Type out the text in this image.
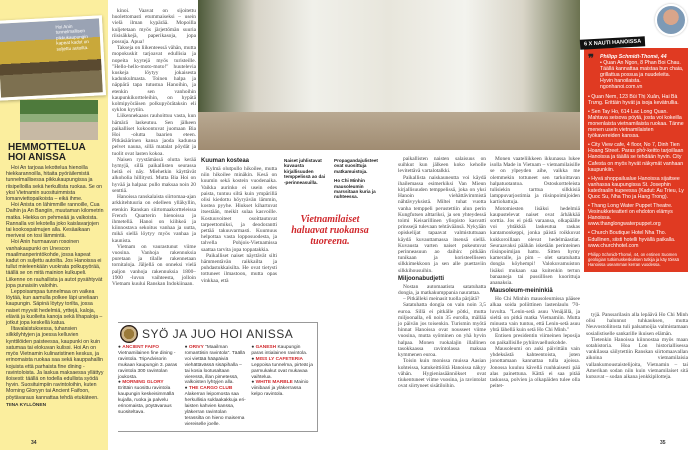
Hoi Anin tunnelmallisen pikkukaupungin kapeat kadut on suljettu autoilta.
HEMMOTTELUA HOI ANISSA

Hoi An tarjoaa lekottelua hienoilla hiekkarannoilla, hitaita pyöräilemistä tunnelmallisessa pikkukaupungissa ja riisipelloilla sekä herkullista ruokaa. Se on yksi Vietnamin suosituimmista lomanviettopaikoista – eikä ihme.

Hoi Anista on lähimmille rannoille, Cua Daihin ja An Bangiin, muutaman kilometrin matka. Hiekka on pehmeää ja valkoista. Rannalla voi lekotella joko kaislavarjojen tai kookospalmujen alla. Kesäaikaan merivesi on tosi lämmintä.

Hoi Anin hurmaavan rosoinen vanhakaupunki on Unescon maailmanperintökohde, jossa kapeat kadut on suljettu autoilta. Jos Hanoissa ei tullut mieleenkään vuokrata polkupyörää, täällä se on mitä mainion kulkupeli. Liikenne on rauhallista ja autot pysähtyvät jopa punaisiin valoihin.

Leppoisampaa tunnelmaa on vaikea löytää, kun aamulla polkee läpi uneliaan kaupungin. Säpinä löytyy torilta, jossa naiset myyvät hedelmiä, yrttejä, kaloja, eläviä ja kuolleita kanoja sekä lihapaloja – jotkut jopa keskellä katua.

Iltavalaistuksessa, tuhansien silkkilyhtyjen ja joessa kelluvien kynttilöiden paisteessa, kaupunki on kuin satumaa tai elokuvan kulissi. Hoi An on myös Vietnamin kulinaristinen keskus, ja erinomaista ruokaa saa sekä kauppahallin kojuista että parhaista fine dining -ravintoloista. Ja laskua maksaessa yllättyy iloisesti: täällä on todella edullista syödä hyvin. Suosituimpiin ravintoloihin, kuten Morning Gloryyn tai Ancient Faifoon, pöytävaraus kannattaa tehdä etukäteen.

TIINA KYLLÖNEN
34

kinoi. Vaavat on sijoitettu huolettomasti etummaiseksi – usein vielä ilman kypärää. Mopoilla kuljetetaan myös järjettömän suuria riisisäkkejä, paperikasoja, jopa possuja. Apua!

Takseja on liikenteessä vähän, mutta mopokuskit tarjoavat edullisia ja nopeita kyytejä myös turisteille. "Hello-hello-moto-moto!" huutelevia kuskeja löytyy jokaisesta kadunkulmasta. Toinen halpa ja näppärä tapa tutustua Hanoihin, ja etenkin sen vanhoihin kaupunkikortteleihin, on hypätä kolmipyöräisen polkupyörätaksin eli syklon kyytiin.

Liikennekaaos rauhoittuu vasta, kun hämärä laskeutuu. Sen jälkeen paikalliset kokoontuvat juomaan Bia Hoi -olutta baarien eteen. Pitkäsäärinen kansa jaoda kadunsa pelvet nauna, sillä matalat pöydät ja tuolit ovat lasten kokoa.

Naisen ryystämässä olutta kerää hymyjä, sillä paikallisten seurassa heitä ei näy. Miehetkin käyttävät alkoholia hillitysti. Mutta Bia Hoi on hyvää ja halpaa: pullo maksaa noin 20 senttiä.

Hanoissa ranskalaista siirtomaa-ajan arkkitehtuuria on edelleen ylläkyllin, etenkin Ranskan siirtomaakortteleissa French Quarterin hienoissa ja ihmetellä. Hanoi on kiihkeä ja kiinnostava sekoitus vanhaa ja uutta, mikä siellä löytyy myös vanhaa ja kaunista.

Vietnam on vaurastunut viime vuosina. Vanhoja rakennuksia puretaan ja tilalle rakennetaan tornitaloja. Jäljellä on onneksi vielä paljon vanhoja rakennuksia 1800–1900 -luvun vaihteesta, jolloin Vietnam kuului Ranskan Indokiinaan.

Kuuman kosteaa

Kylmä olutpullo hikoilee, mutta niin hikoilee minäkin. Kesä on kuumin sekä kostein vuodenaika. Vaikka aurinko ei usein edes paista, tuntuu siltä kuin ympärillä olisi kiedottu höyryävän lämmin, kostea pyyhe. Hiukset kihartuvat itsestään, meikit sulaa kasvoille. Kostuuvoiteet osoittautuvat tarpeettomiksi, ja deodorantti pettää takuuvarmasti. Kuumuus helpottaa vasta lopposuodesta, ja talvella Pohjois-Vietnamissa saattaa tarvita jopa toppatakkia.

Paikalliset naiset näyttävät silti hämmentävän raikkailta ja puhdastukkaisilta. He ovat tietysti tottuneet ilmastoon, mutta opas vinkkaa, että

Naiset juhlistavat kuvausta kirjallisuuden temppelissä ao dai -perinneasuilla.
Propagandajulisteet ovat suosittuja matkamuistoja.
Ho Chi Minhin mausoleumin marssitaan kuria ja nuhteessa.
Vietnamilaiset haluavat ruokansa tuoreena.
SYÖ JA JUO HOI ANISSA

● ANCIENT FAIFO Vietnamilainen fine dining -ravintola. TripAdvisorin mukaan kaupungin 3. paras ravintola 300 ravintolan joukosta.

● MORNING GLORY Erittäin suosittu ravintola kaupungin keskeisimmällä kujalla, ruoka ja palvelu erinomaista, pöytävaraus suositeltava.

● ORIVY "Maailman romanttisin ravintola". Täällä voi viettää hääpäiviä viehättävässä sisäpihalla – tai kosia lootusaltaan vieressä, illan pimetessä, valkoisten lyhtyjen alla.

● THE CARGO CLUB Alakerran leipomosta saa herkullisia suklaakakkuja eri-laisten kahvien kanssa, yläkerran ravintolan terassilta on hieno maisema viereiselle joelle.

● GANESH Kaupungin paras intialainen ravintola.

● MISS LY CAFETERIA Leppoisa tunnelma, pirteät ja parmukakut ovat mukavaa vaihtelua.

● WHITE MARBLE Mainio viinibaari ja yläkerrassa kelpo ravintola.

paikallisten naisten salaisuus on suihkut kun jälkeen koko keholle levitettävä vartalotalkki.

Paikallista naiskauneutta voi käydä ihailemassa esimerkiksi Van Mieun kirjallisuuden temppelissä, joka on yksi Hanoin viehättävimmistä nähtävyyksistä. Miltei tuhat vuotta vanha temppeli perustettiin alun perin Kungfutsen alttariksi, ja sen yhteydessä toimi Keisarillinen yliopisto kasvatti prinssejä tulevaan tehtäväänsä. Nykyään opiskelijat tapaavat valmistuttuaan käydä kuvauttamassa itsensä siellä. Kuvausta varten naiset pukeutuvat perinneasuun ao daihin: pitkään tunikaan ja koristeelliseen silkkimekkoon ja sen alle puettaviin silkkihousuihin.

Miljoonabudjetti

Nostan automaatista satatuhatta dongia, ja matkakumppania naurattaa.

– Pitkälleki meinasit tuolla pärjätä?

Satatuhatta dongia on vain noin 3,5 euroa. Sillä ei pitkälle pötki, mutta miljoonalla, eli noin 35 eurolla, mällää jo päivän jos toisenkin. Turismin myötä hinnat Hanoissa ovat nousseet viime vuosina, mutta syöminen on yhä hyvin halpaa. Monen ruokalajin illallinen tasokkaassa ravintolassa maksaa kymmenen euroa.

Toisin kuin monissa muissa Aasian kohteissa, katukeittiöitä Hanoissa näkyy vähän. Hygieniasäännökset ovat tiukentuneet viime vuosina, ja ravintolat ovat siirtyneet sisätiloihin.

Monen vaateliikkeen ikkunassa lukee isolla Made in Vietnam – vietnamilaisille se on ylpeyden aihe, vaikka me olemmekin tottuneet sen tarkoittavan halpatuotantoa. Ostoskortteleista tulisiekin tarttua silkkisiä lamppuvarjostimia ja riisinpoimijoiden kartiohattuja.

Motomiesten lisäksi hedelmiä kaupustelevat naiset ovat ärhäkkää sorttia. Jos ei pidä varaansa, olkapäälle voi yhtäkkiä laskeutua raskas kantamonkeppi, jonka päistä roikkuvat kukkoroillaan olevat hedelmäastiat. Seuraavaksi päähän isketään perinteinen riisinpoimijan hattu. Sitten hymy kameralle, ja pim – olet satatuhatta dongia köyhempi! Valokuvamuiston lisäksi mukaan saa kuitenkin tertun banaaneja tai pussillisen kuorittuja ananaksia.

Mausoleum-meininkiä

Ho Chi Minhin mausoleumissa pääsee alkaa soida poliittinen lastenlaulu '70-luvulta. "Lenin-setä asuu Venäjällä, ja sieltä on pitkä matka Vietnamiin. Mutta minusta vain tuntuu, että Lenin-setä asuu yhtä lähellä kuin setä Ho Chi Minh."

Entisen presidentin viimeinen leposija on paikallisille pyhiinvaelluskohde.

Mausoleumi on auki päivittäin vain yhdeksästä kahteentoista, joten jonottamaan kannattaa tulla ajoissa. Jonossa kuuluu kävellä ruuhkaisesti pää alas painettuna. Kättä ei saa pitää taskussa, polvien ja olkapäiden tulee olla peitet-

❞ Philipp Schmidt-Thomé, 44
• Quan An Ngon, 8 Phan Boi Chau. Täällä kannattaa maistaa bun chaia, grillattua possua ja nuudeleita. Hyvin hanoilaista. ngonhanoi.com.vn
• Quan Nem, 123 Bùi Thị Xuân, Hai Bà Trưng. Erittäin hyvät ja isoja kevätrullia.
• Sen Tay Ho, 614 Lac Long Quan. Mahtava seisova pöytä, josta voi kokeilla monenlaista vietnamilaista ruokaa. Tänne menen usein vietnamilaisten työkavereiden kanssa.
• City View cafe, 4 floor, No 7, Dinh Tien Hoang Street. Paras phở-keitto tarjoillaan Hanoissa ja täällä se tehdään hyvin. City Cafesta on myös hyvät näkymät vanhaan kaupunkiin.
• Hyvä shoppailualue Hanoissa sijaitsee vanhassa kaupungissa St. Josephin katedraalin kupeessa (Kadut: Au Trieu, Ly Quoc Su, Nha Tho ja Hang Trong).
• Thang Long Water Puppet Theatre. Vesinukketeatteri on ehdoton elämys Hanoissa. www.thanglongwaterpuppet.org
• Church Boutique Hotel Nha Tho. Edullinen, siisti hotelli hyvällä paikalla. www.churchhotel.com
Philipp Schmidt-Thomé, 44, on entinen Suomen geologian tutkimuskeskuksen tutkija ja käy töissä Hanoissa useamman kerran vuodessa.
6 X NAUTI HANOISSA

tyjä. Panssarilasin alla lepäävä Ho Chi Minh olisi halunnut tuhkauksen, mutta Neuvostoliitosta tuli palsamoijia valmistamaan sosialistiselle sankarille ikuisen elämän.

Tietenkin Hanoissa kiinnostaa myös maan sotahistoria. Hoa Lon historiallisessa vankilassa säilytettiin Ranskan siirtomaavallan aikoina vietnamilaisia vallankumoustaistelijoita, Vietnamin – tai Amerikan sodan niin kuin vietnamilaiset sitä kutsuvat – sodan aikana jenkkipilotteja.

35
